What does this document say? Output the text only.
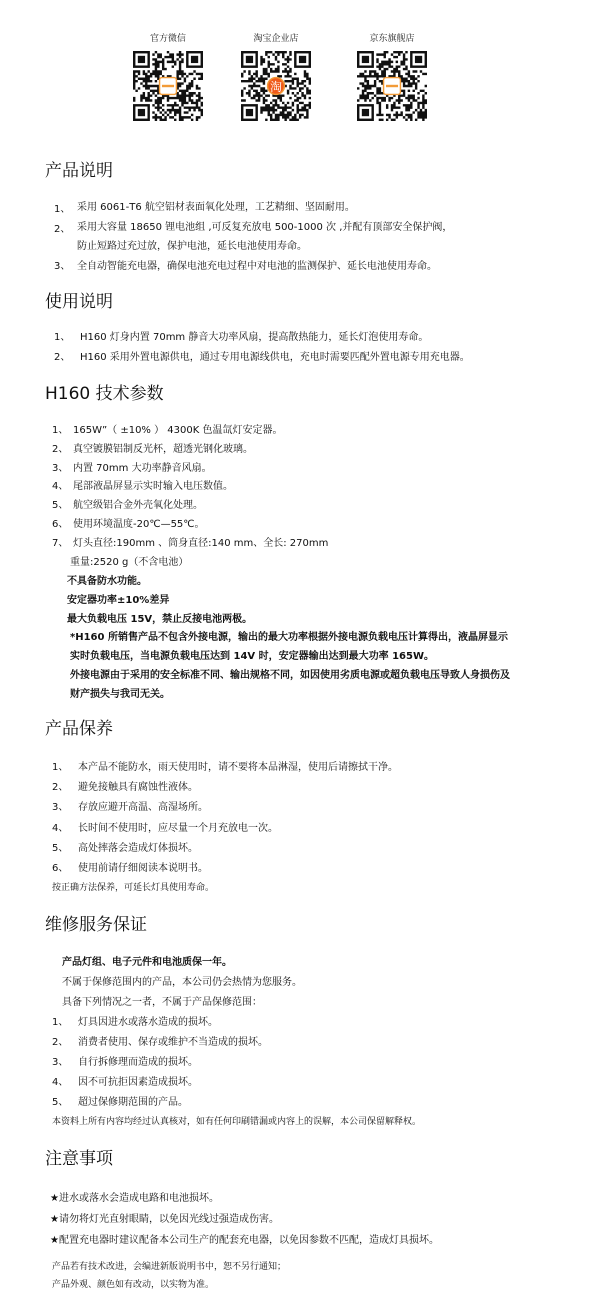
官方微信	淘宝企业店	京东旗舰店
淘
产品说明
1、 采用 6061-T6 航空铝材表面氧化处理，工艺精细、坚固耐用。
2、 采用大容量 18650 锂电池组 ,可反复充放电 500-1000 次 ,并配有顶部安全保护阀，
防止短路过充过放，保护电池，延长电池使用寿命。
3、 全自动智能充电器，确保电池充电过程中对电池的监测保护、延长电池使用寿命。
使用说明
1、 H160 灯身内置 70mm 静音大功率风扇，提高散热能力，延长灯泡使用寿命。
2、 H160 采用外置电源供电，通过专用电源线供电，充电时需要匹配外置电源专用充电器。
H160 技术参数
1、 165W”（ ±10% ） 4300K 色温氙灯安定器。
2、 真空镀膜铝制反光杯，超透光钢化玻璃。
3、 内置 70mm 大功率静音风扇。
4、 尾部液晶屏显示实时输入电压数值。
5、 航空级铝合金外壳氧化处理。
6、 使用环境温度-20℃—55℃。
7、 灯头直径:190mm 、筒身直径:140 mm、全长: 270mm
重量:2520 g（不含电池）
不具备防水功能。
安定器功率±10%差异
最大负载电压 15V，禁止反接电池两极。
*H160 所销售产品不包含外接电源，输出的最大功率根据外接电源负载电压计算得出，液晶屏显示
实时负载电压，当电源负载电压达到 14V 时，安定器输出达到最大功率 165W。
外接电源由于采用的安全标准不同、输出规格不同，如因使用劣质电源或超负载电压导致人身损伤及
财产损失与我司无关。
产品保养
1、 本产品不能防水，雨天使用时，请不要将本品淋湿，使用后请擦拭干净。
2、 避免接触具有腐蚀性液体。
3、 存放应避开高温、高湿场所。
4、 长时间不使用时，应尽量一个月充放电一次。
5、 高处摔落会造成灯体损坏。
6、 使用前请仔细阅读本说明书。
按正确方法保养，可延长灯具使用寿命。
维修服务保证
产品灯组、电子元件和电池质保一年。
不属于保修范围内的产品，本公司仍会热情为您服务。
具备下列情况之一者，不属于产品保修范围：
1、 灯具因进水或落水造成的损坏。
2、 消费者使用、保存或维护不当造成的损坏。
3、 自行拆修理而造成的损坏。
4、 因不可抗拒因素造成损坏。
5、 超过保修期范围的产品。
本资料上所有内容均经过认真核对，如有任何印刷错漏或内容上的误解，本公司保留解释权。
注意事项
★进水或落水会造成电路和电池损坏。
★请勿将灯光直射眼睛，以免因光线过强造成伤害。
★配置充电器时建议配备本公司生产的配套充电器，以免因参数不匹配，造成灯具损坏。
产品若有技术改进，会编进新版说明书中，恕不另行通知；
产品外观、颜色如有改动，以实物为准。
